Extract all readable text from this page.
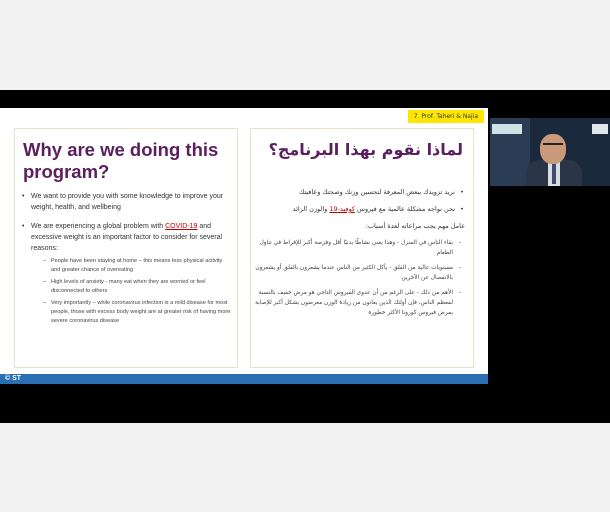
7. Prof. Taheri & Najia
Why are we doing this program?
• We want to provide you with some knowledge to improve your weight, health, and wellbeing
• We are experiencing a global problem with COVID-19 and excessive weight is an important factor to consider for several reasons:
– People have been staying at home – this means less physical activity and greater chance of overeating
– High levels of anxiety - many eat when they are worried or feel disconnected to others
– Very importantly – while coronavirus infection is a mild disease for most people, those with excess body weight are at greater risk of having more severe coronavirus disease
لماذا نقوم بهذا البرنامج؟
• نريد تزويدك ببعض المعرفة لتحسين وزنك وصحتك وعافيتك
• نحن نواجه مشكلة عالمية مع فيروس كوفيد-19 والوزن الزائد
عامل مهم يجب مراعاته لعدة أسباب:
- بقاء الناس في المنزل - وهذا يعني نشاطًا بدنيًا أقل وفرصة أكبر للإفراط في تناول الطعام
- مستويات عالية من القلق - يأكل الكثير من الناس عندما يشعرون بالقلق أو يشعرون بالانفصال عن الآخرين
- الأهم من ذلك - على الرغم من أن عدوى الفيروس التاجي هو مرض خفيف بالنسبة لمعظم الناس، فإن أولئك الذين يعانون من زيادة الوزن معرضون بشكل أكبر للإصابة بمرض فيروس كورونا الأكثر خطورة
© ST
